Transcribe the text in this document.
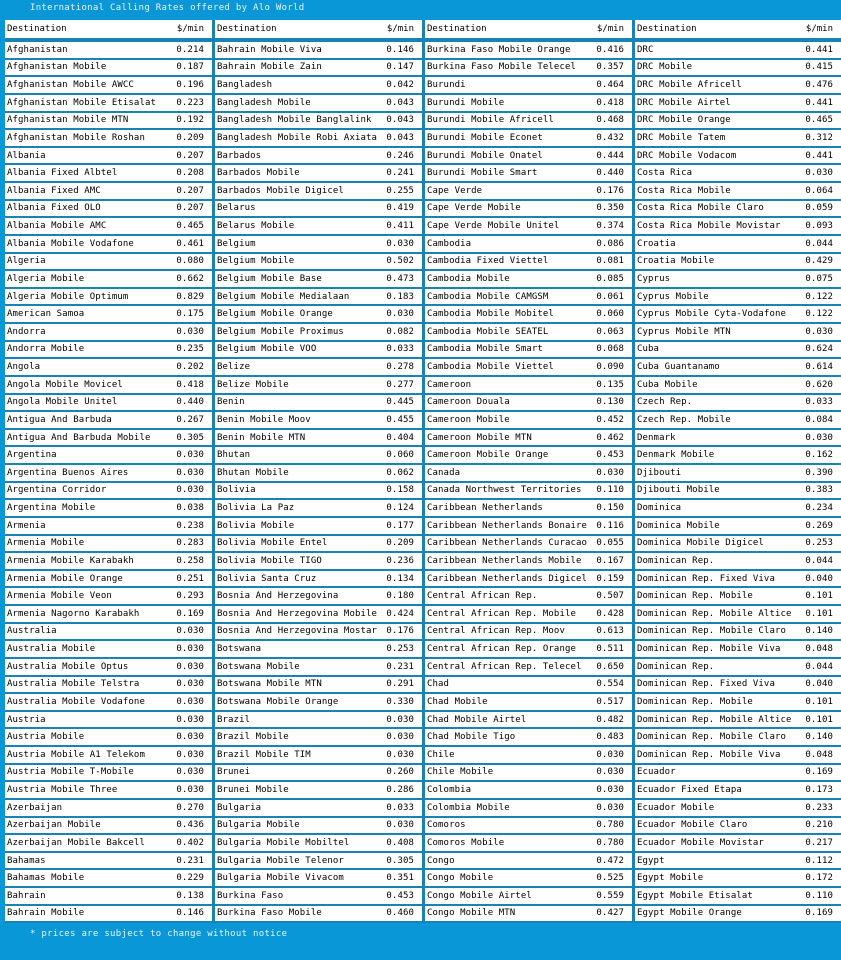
International Calling Rates offered by Alo World
Destination	$/min
Afghanistan	0.214
Afghanistan Mobile	0.187
Afghanistan Mobile AWCC	0.196
Afghanistan Mobile Etisalat 0.223
Afghanistan Mobile MTN	0.192
Afghanistan Mobile Roshan	0.209
Albania	0.207
Albania Fixed Albtel	0.208
Albania Fixed AMC	0.207
Albania Fixed OLO	0.207
Albania Mobile AMC	0.465
Albania Mobile Vodafone	0.461
Algeria	0.080
Algeria Mobile	0.662
Algeria Mobile Optimum	0.829
American Samoa	0.175
Andorra	0.030
Andorra Mobile	0.235
Angola	0.202
Angola Mobile Movicel	0.418
Angola Mobile Unitel	0.440
Antigua And Barbuda	0.267
Antigua And Barbuda Mobile	0.305
Argentina	0.030
Argentina Buenos Aires	0.030
Argentina Corridor	0.030
Argentina Mobile	0.038
Armenia	0.238
Armenia Mobile	0.283
Armenia Mobile Karabakh	0.258
Armenia Mobile Orange	0.251
Armenia Mobile Veon	0.293
Armenia Nagorno Karabakh	0.169
Australia	0.030
Australia Mobile	0.030
Australia Mobile Optus	0.030
Australia Mobile Telstra	0.030
Australia Mobile Vodafone	0.030
Austria	0.030
Austria Mobile	0.030
Austria Mobile A1 Telekom	0.030
Austria Mobile T-Mobile	0.030
Austria Mobile Three	0.030
Azerbaijan	0.270
Azerbaijan Mobile	0.436
Azerbaijan Mobile Bakcell	0.402
Bahamas	0.231
Bahamas Mobile	0.229
Bahrain	0.138
Bahrain Mobile	0.146
Destination	$/min
Bahrain Mobile Viva	0.146
Bahrain Mobile Zain	0.147
Bangladesh	0.042
Bangladesh Mobile	0.043
Bangladesh Mobile Banglalink 0.043
Bangladesh Mobile Robi Axiata 0.043
Barbados	0.246
Barbados Mobile	0.241
Barbados Mobile Digicel	0.255
Belarus	0.419
Belarus Mobile	0.411
Belgium	0.030
Belgium Mobile	0.502
Belgium Mobile Base	0.473
Belgium Mobile Medialaan	0.183
Belgium Mobile Orange	0.030
Belgium Mobile Proximus	0.082
Belgium Mobile VOO	0.033
Belize	0.278
Belize Mobile	0.277
Benin	0.445
Benin Mobile Moov	0.455
Benin Mobile MTN	0.404
Bhutan	0.060
Bhutan Mobile	0.062
Bolivia	0.158
Bolivia La Paz	0.124
Bolivia Mobile	0.177
Bolivia Mobile Entel	0.209
Bolivia Mobile TIGO	0.236
Bolivia Santa Cruz	0.134
Bosnia And Herzegovina	0.180
Bosnia And Herzegovina Mobile 0.424
Bosnia And Herzegovina Mostar 0.176
Botswana	0.253
Botswana Mobile	0.231
Botswana Mobile MTN	0.291
Botswana Mobile Orange	0.330
Brazil	0.030
Brazil Mobile	0.030
Brazil Mobile TIM	0.030
Brunei	0.260
Brunei Mobile	0.286
Bulgaria	0.033
Bulgaria Mobile	0.030
Bulgaria Mobile Mobiltel	0.408
Bulgaria Mobile Telenor	0.305
Bulgaria Mobile Vivacom	0.351
Burkina Faso	0.453
Burkina Faso Mobile	0.460
Destination	$/min
Burkina Faso Mobile Orange	0.416
Burkina Faso Mobile Telecel 0.357
Burundi	0.464
Burundi Mobile	0.418
Burundi Mobile Africell	0.468
Burundi Mobile Econet	0.432
Burundi Mobile Onatel	0.444
Burundi Mobile Smart	0.440
Cape Verde	0.176
Cape Verde Mobile	0.350
Cape Verde Mobile Unitel	0.374
Cambodia	0.086
Cambodia Fixed Viettel	0.081
Cambodia Mobile	0.085
Cambodia Mobile CAMGSM	0.061
Cambodia Mobile Mobitel	0.060
Cambodia Mobile SEATEL	0.063
Cambodia Mobile Smart	0.068
Cambodia Mobile Viettel	0.090
Cameroon	0.135
Cameroon Douala	0.130
Cameroon Mobile	0.452
Cameroon Mobile MTN	0.462
Cameroon Mobile Orange	0.453
Canada	0.030
Canada Northwest Territories 0.110
Caribbean Netherlands	0.150
Caribbean Netherlands Bonaire 0.116
Caribbean Netherlands Curacao 0.055
Caribbean Netherlands Mobile 0.167
Caribbean Netherlands Digicel 0.159
Central African Rep.	0.507
Central African Rep. Mobile 0.428
Central African Rep. Moov	0.613
Central African Rep. Orange 0.511
Central African Rep. Telecel 0.650
Chad	0.554
Chad Mobile	0.517
Chad Mobile Airtel	0.482
Chad Mobile Tigo	0.483
Chile	0.030
Chile Mobile	0.030
Colombia	0.030
Colombia Mobile	0.030
Comoros	0.780
Comoros Mobile	0.780
Congo	0.472
Congo Mobile	0.525
Congo Mobile Airtel	0.559
Congo Mobile MTN	0.427
Destination	$/min
DRC	0.441
DRC Mobile	0.415
DRC Mobile Africell	0.476
DRC Mobile Airtel	0.441
DRC Mobile Orange	0.465
DRC Mobile Tatem	0.312
DRC Mobile Vodacom	0.441
Costa Rica	0.030
Costa Rica Mobile	0.064
Costa Rica Mobile Claro	0.059
Costa Rica Mobile Movistar	0.093
Croatia	0.044
Croatia Mobile	0.429
Cyprus	0.075
Cyprus Mobile	0.122
Cyprus Mobile Cyta-Vodafone 0.122
Cyprus Mobile MTN	0.030
Cuba	0.624
Cuba Guantanamo	0.614
Cuba Mobile	0.620
Czech Rep.	0.033
Czech Rep. Mobile	0.084
Denmark	0.030
Denmark Mobile	0.162
Djibouti	0.390
Djibouti Mobile	0.383
Dominica	0.234
Dominica Mobile	0.269
Dominica Mobile Digicel	0.253
Dominican Rep.	0.044
Dominican Rep. Fixed Viva	0.040
Dominican Rep. Mobile	0.101
Dominican Rep. Mobile Altice 0.101
Dominican Rep. Mobile Claro 0.140
Dominican Rep. Mobile Viva	0.048
Dominican Rep.	0.044
Dominican Rep. Fixed Viva	0.040
Dominican Rep. Mobile	0.101
Dominican Rep. Mobile Altice 0.101
Dominican Rep. Mobile Claro 0.140
Dominican Rep. Mobile Viva	0.048
Ecuador	0.169
Ecuador Fixed Etapa	0.173
Ecuador Mobile	0.233
Ecuador Mobile Claro	0.210
Ecuador Mobile Movistar	0.217
Egypt	0.112
Egypt Mobile	0.172
Egypt Mobile Etisalat	0.110
Egypt Mobile Orange	0.169
* prices are subject to change without notice
